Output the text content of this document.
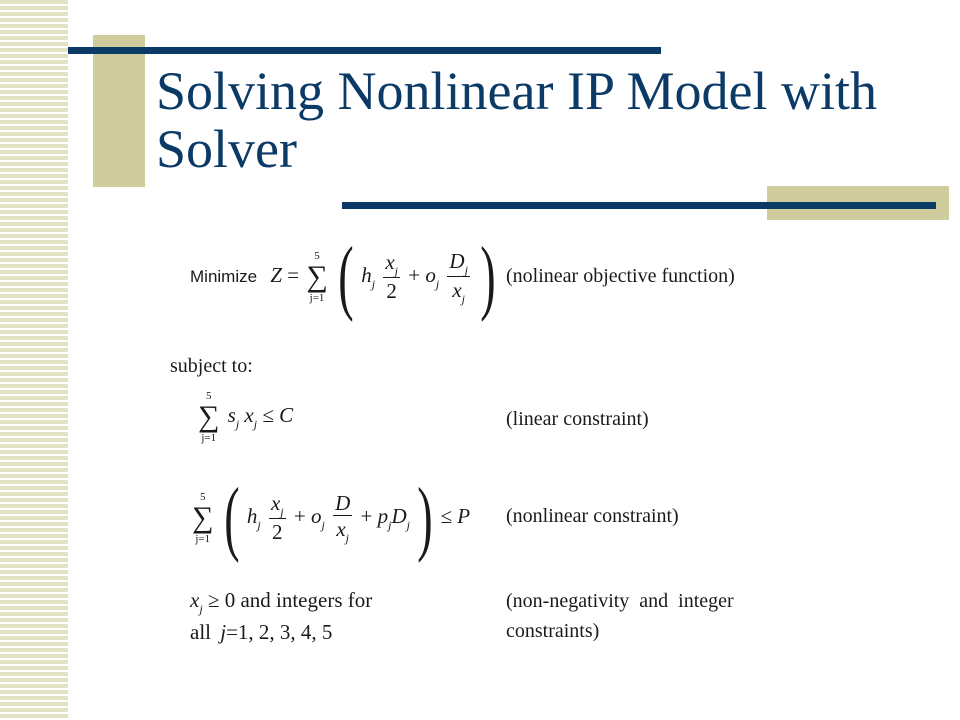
Solving Nonlinear IP Model with Solver
Minimize Z =
5
∑
j=1 ( $h_j \frac{x_j}{2} + o_j \frac{D_j}{x_j}$ ) (nolinear objective function)
subject to:
5
∑
j=1
$s_j$ $x_j \le C$	(linear constraint)
5
∑
j=1 ( $h_j \frac{x_j}{2} + o_j \frac{D}{x_j} + p_jD_j$ ) ≤ P (nonlinear constraint)
$x_j \ge 0$ and integers for
all j=1, 2, 3, 4, 5
(non-negativity  and  integer
constraints)
